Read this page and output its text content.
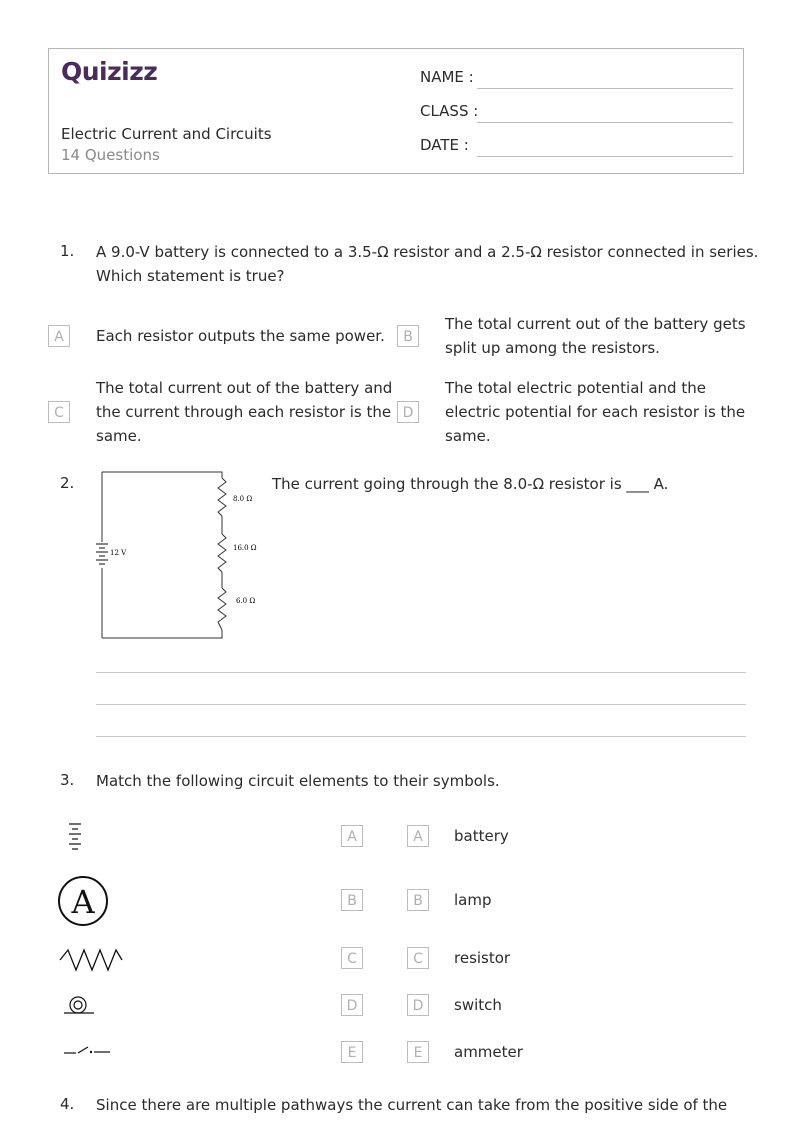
Quizizz
Electric Current and Circuits
14 Questions
NAME :
CLASS :
DATE :
1. A 9.0-V battery is connected to a 3.5-Ω resistor and a 2.5-Ω resistor connected in series.
Which statement is true?
A	Each resistor outputs the same power.	B
The total current out of the battery gets
split up among the resistors.
C
The total current out of the battery and
the current through each resistor is the
same.
D
The total electric potential and the
electric potential for each resistor is the
same.
2.
12 V
8.0 Ω
16.0 Ω
6.0 Ω
The current going through the 8.0-Ω resistor is ___ A.
3. Match the following circuit elements to their symbols.
A
A
B
C
D
E
A
B
C
D
E
battery
lamp
resistor
switch
ammeter
4. Since there are multiple pathways the current can take from the positive side of the
